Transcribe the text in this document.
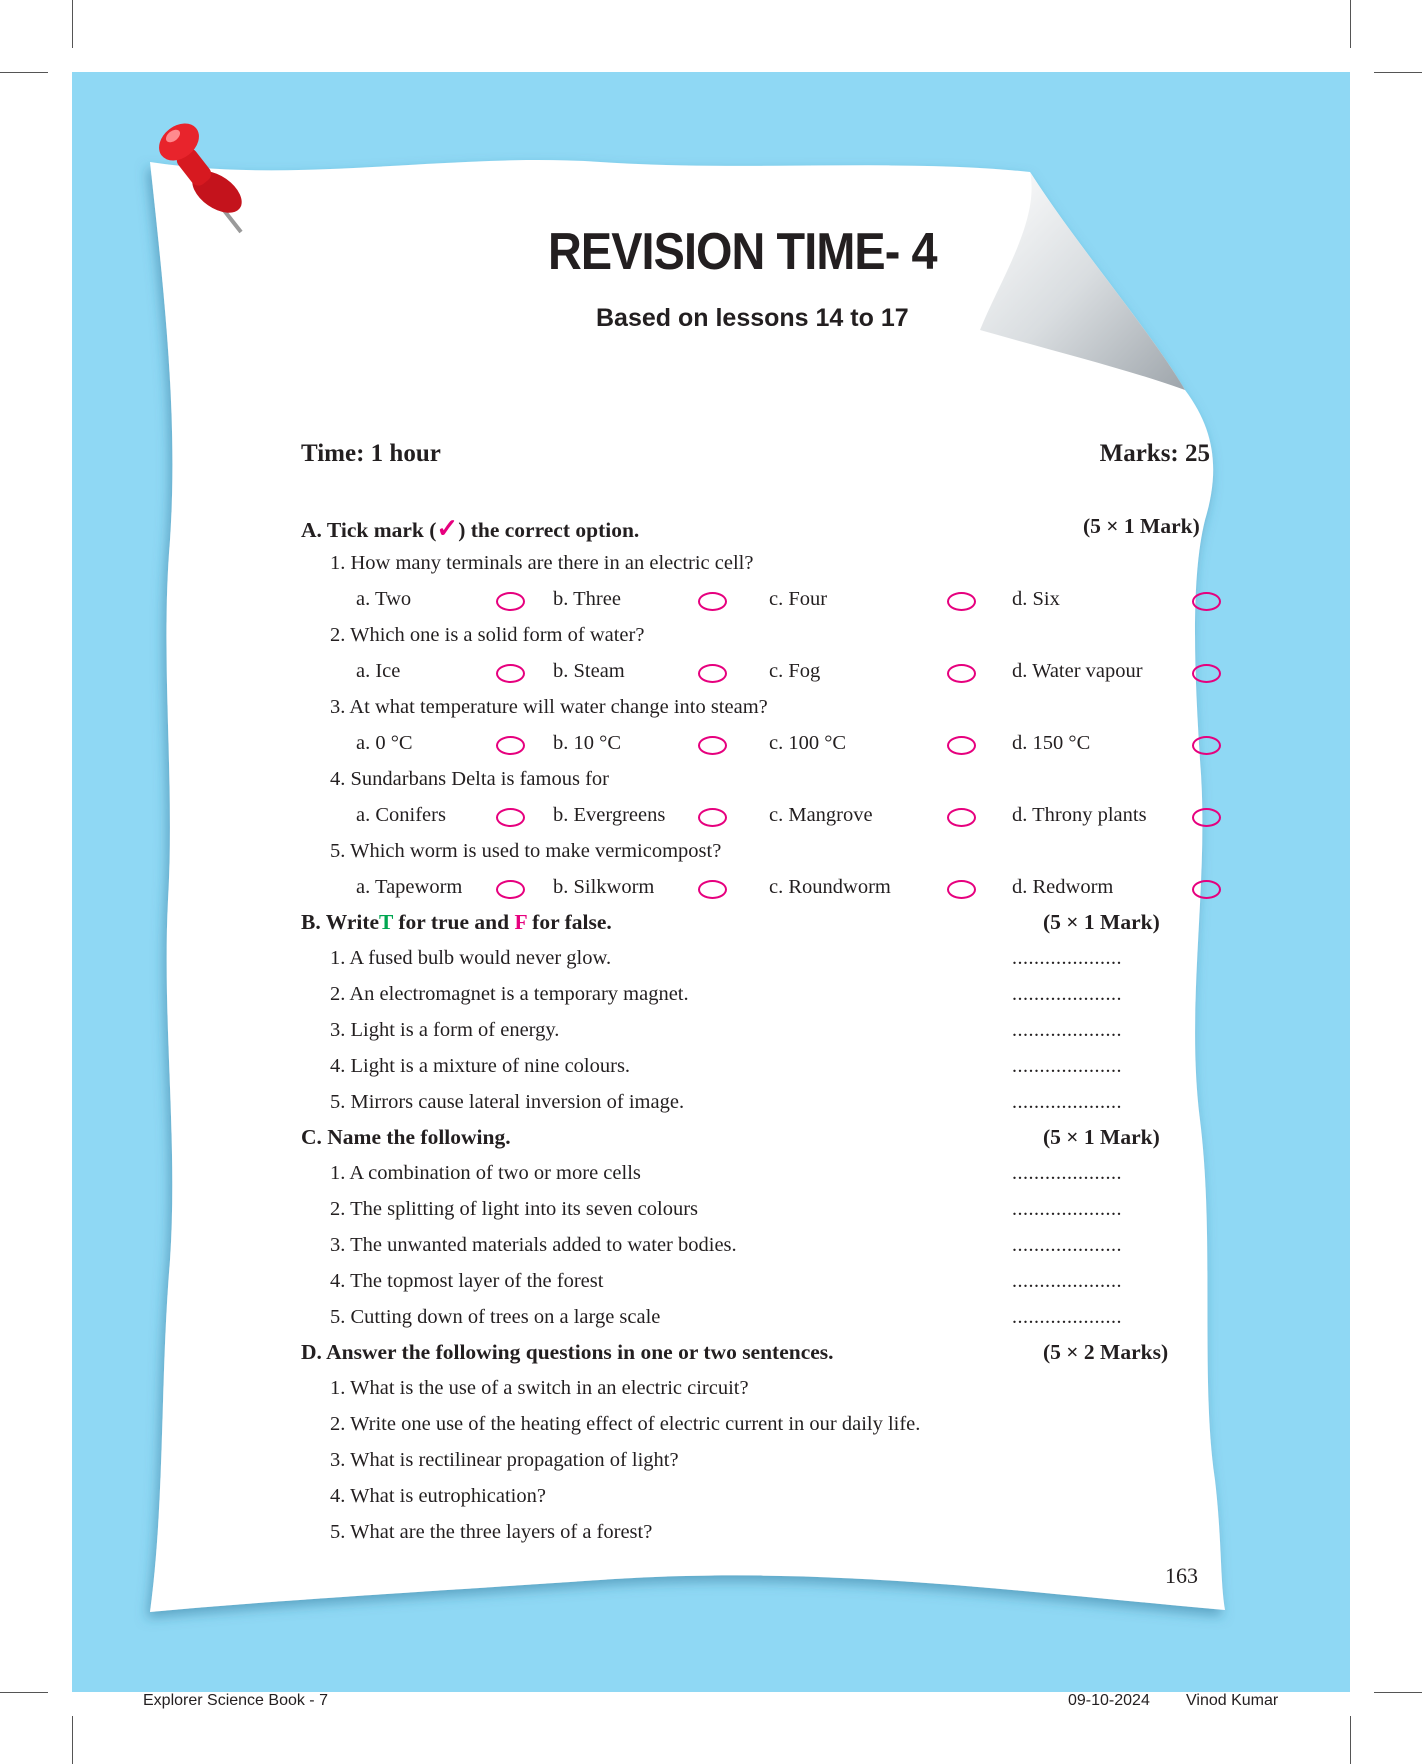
REVISION TIME- 4
Based on lessons 14 to 17
Time: 1 hour	Marks: 25
A. Tick mark (✓) the correct option.	(5 × 1 Mark)
1. How many terminals are there in an electric cell?
a. Two	b. Three	c. Four	d. Six
2. Which one is a solid form of water?
a. Ice	b. Steam	c. Fog	d. Water vapour
3. At what temperature will water change into steam?
a. 0 °C	b. 10 °C	c. 100 °C	d. 150 °C
4. Sundarbans Delta is famous for
a. Conifers	b. Evergreens	c. Mangrove	d. Throny plants
5. Which worm is used to make vermicompost?
a. Tapeworm	b. Silkworm	c. Roundworm	d. Redworm
B. WriteT for true and F for false.	(5 × 1 Mark)
1. A fused bulb would never glow.	....................
2. An electromagnet is a temporary magnet.	....................
3. Light is a form of energy.	....................
4. Light is a mixture of nine colours.	....................
5. Mirrors cause lateral inversion of image.	....................
C. Name the following.	(5 × 1 Mark)
1. A combination of two or more cells	....................
2. The splitting of light into its seven colours	....................
3. The unwanted materials added to water bodies.	....................
4. The topmost layer of the forest	....................
5. Cutting down of trees on a large scale	....................
D. Answer the following questions in one or two sentences.	(5 × 2 Marks)
1. What is the use of a switch in an electric circuit?
2. Write one use of the heating effect of electric current in our daily life.
3. What is rectilinear propagation of light?
4. What is eutrophication?
5. What are the three layers of a forest?
163
Explorer Science Book - 7	09-10-2024 Vinod Kumar
